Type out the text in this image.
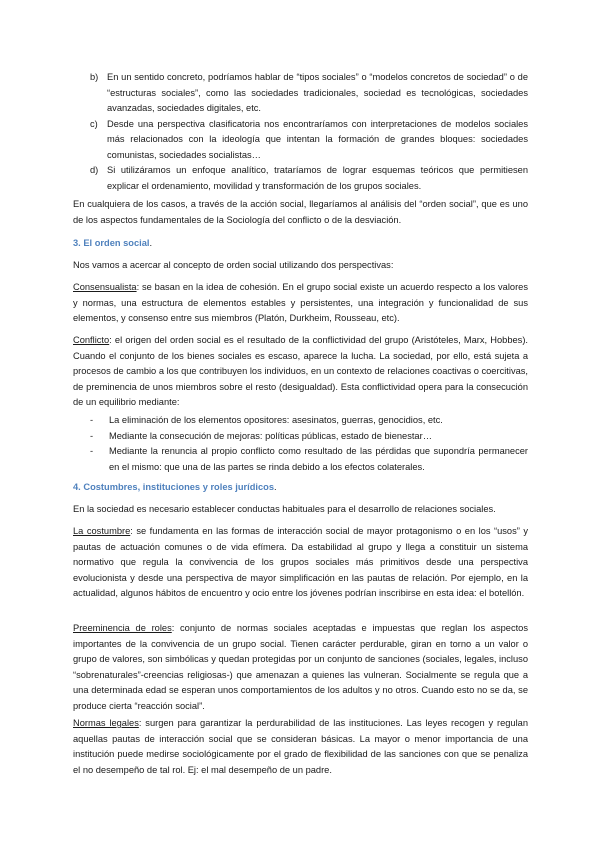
b) En un sentido concreto, podríamos hablar de “tipos sociales” o “modelos concretos de sociedad” o de “estructuras sociales”, como las sociedades tradicionales, sociedad es tecnológicas, sociedades avanzadas, sociedades digitales, etc.
c) Desde una perspectiva clasificatoria nos encontraríamos con interpretaciones de modelos sociales más relacionados con la ideología que intentan la formación de grandes bloques: sociedades comunistas, sociedades socialistas…
d) Si utilizáramos un enfoque analítico, trataríamos de lograr esquemas teóricos que permitiesen explicar el ordenamiento, movilidad y transformación de los grupos sociales.
En cualquiera de los casos, a través de la acción social, llegaríamos al análisis del “orden social”, que es uno de los aspectos fundamentales de la Sociología del conflicto o de la desviación.
3. El orden social.
Nos vamos a acercar al concepto de orden social utilizando dos perspectivas:
Consensualista: se basan en la idea de cohesión. En el grupo social existe un acuerdo respecto a los valores y normas, una estructura de elementos estables y persistentes, una integración y funcionalidad de sus elementos, y consenso entre sus miembros (Platón, Durkheim, Rousseau, etc).
Conflicto: el origen del orden social es el resultado de la conflictividad del grupo (Aristóteles, Marx, Hobbes). Cuando el conjunto de los bienes sociales es escaso, aparece la lucha. La sociedad, por ello, está sujeta a procesos de cambio a los que contribuyen los individuos, en un contexto de relaciones coactivas o coercitivas, de preminencia de unos miembros sobre el resto (desigualdad). Esta conflictividad opera para la consecución de un equilibrio mediante:
- La eliminación de los elementos opositores: asesinatos, guerras, genocidios, etc.
- Mediante la consecución de mejoras: políticas públicas, estado de bienestar…
- Mediante la renuncia al propio conflicto como resultado de las pérdidas que supondría permanecer en el mismo: que una de las partes se rinda debido a los efectos colaterales.
4. Costumbres, instituciones y roles jurídicos.
En la sociedad es necesario establecer conductas habituales para el desarrollo de relaciones sociales.
La costumbre: se fundamenta en las formas de interacción social de mayor protagonismo o en los “usos” y pautas de actuación comunes o de vida efímera. Da estabilidad al grupo y llega a constituir un sistema normativo que regula la convivencia de los grupos sociales más primitivos desde una perspectiva evolucionista y desde una perspectiva de mayor simplificación en las pautas de relación. Por ejemplo, en la actualidad, algunos hábitos de encuentro y ocio entre los jóvenes podrían inscribirse en esta idea: el botellón.
Preeminencia de roles: conjunto de normas sociales aceptadas e impuestas que reglan los aspectos importantes de la convivencia de un grupo social. Tienen carácter perdurable, giran en torno a un valor o grupo de valores, son simbólicas y quedan protegidas por un conjunto de sanciones (sociales, legales, incluso “sobrenaturales”-creencias religiosas-) que amenazan a quienes las vulneran. Socialmente se regula que a una determinada edad se esperan unos comportamientos de los adultos y no otros. Cuando esto no se da, se produce cierta “reacción social”.
Normas legales: surgen para garantizar la perdurabilidad de las instituciones. Las leyes recogen y regulan aquellas pautas de interacción social que se consideran básicas. La mayor o menor importancia de una institución puede medirse sociológicamente por el grado de flexibilidad de las sanciones con que se penaliza el no desempeño de tal rol. Ej: el mal desempeño de un padre.
